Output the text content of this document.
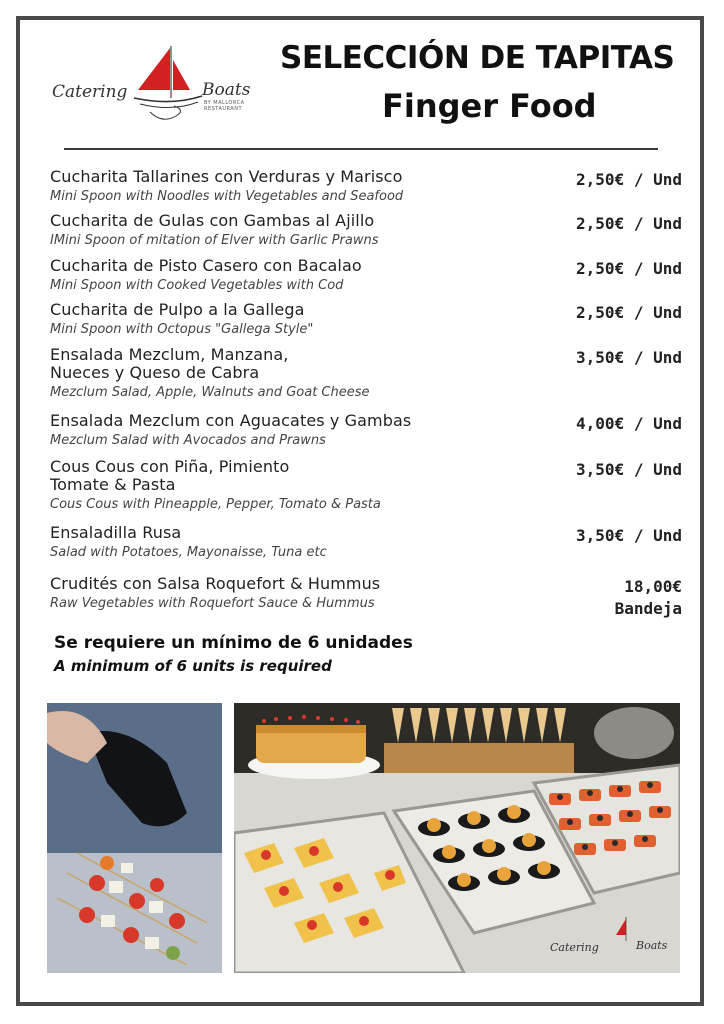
Catering	Boats
BY MALLORCA RESTAURANT
SELECCIÓN DE TAPITAS
Finger Food
Cucharita Tallarines con Verduras y Marisco
Mini Spoon with Noodles with Vegetables and Seafood
2,50€ / Und
Cucharita de Gulas con Gambas al Ajillo
IMini Spoon of mitation of Elver with Garlic Prawns
2,50€ / Und
Cucharita de Pisto Casero con Bacalao
Mini Spoon with Cooked Vegetables with Cod
2,50€ / Und
Cucharita de Pulpo a la Gallega
Mini Spoon with Octopus "Gallega Style"
2,50€ / Und
Ensalada Mezclum, Manzana,
Nueces y Queso de Cabra
Mezclum Salad, Apple, Walnuts and Goat Cheese
3,50€ / Und
Ensalada Mezclum con Aguacates y Gambas
Mezclum Salad with Avocados and Prawns
4,00€ / Und
Cous Cous con Piña, Pimiento
Tomate & Pasta
Cous Cous with Pineapple, Pepper, Tomato & Pasta
3,50€ / Und
Ensaladilla Rusa
Salad with Potatoes, Mayonaisse, Tuna etc
3,50€ / Und
Crudités con Salsa Roquefort & Hummus
Raw Vegetables with Roquefort Sauce & Hummus
18,00€
Bandeja
Se requiere un mínimo de 6 unidades
A minimum of 6 units is required
Catering	Boats
